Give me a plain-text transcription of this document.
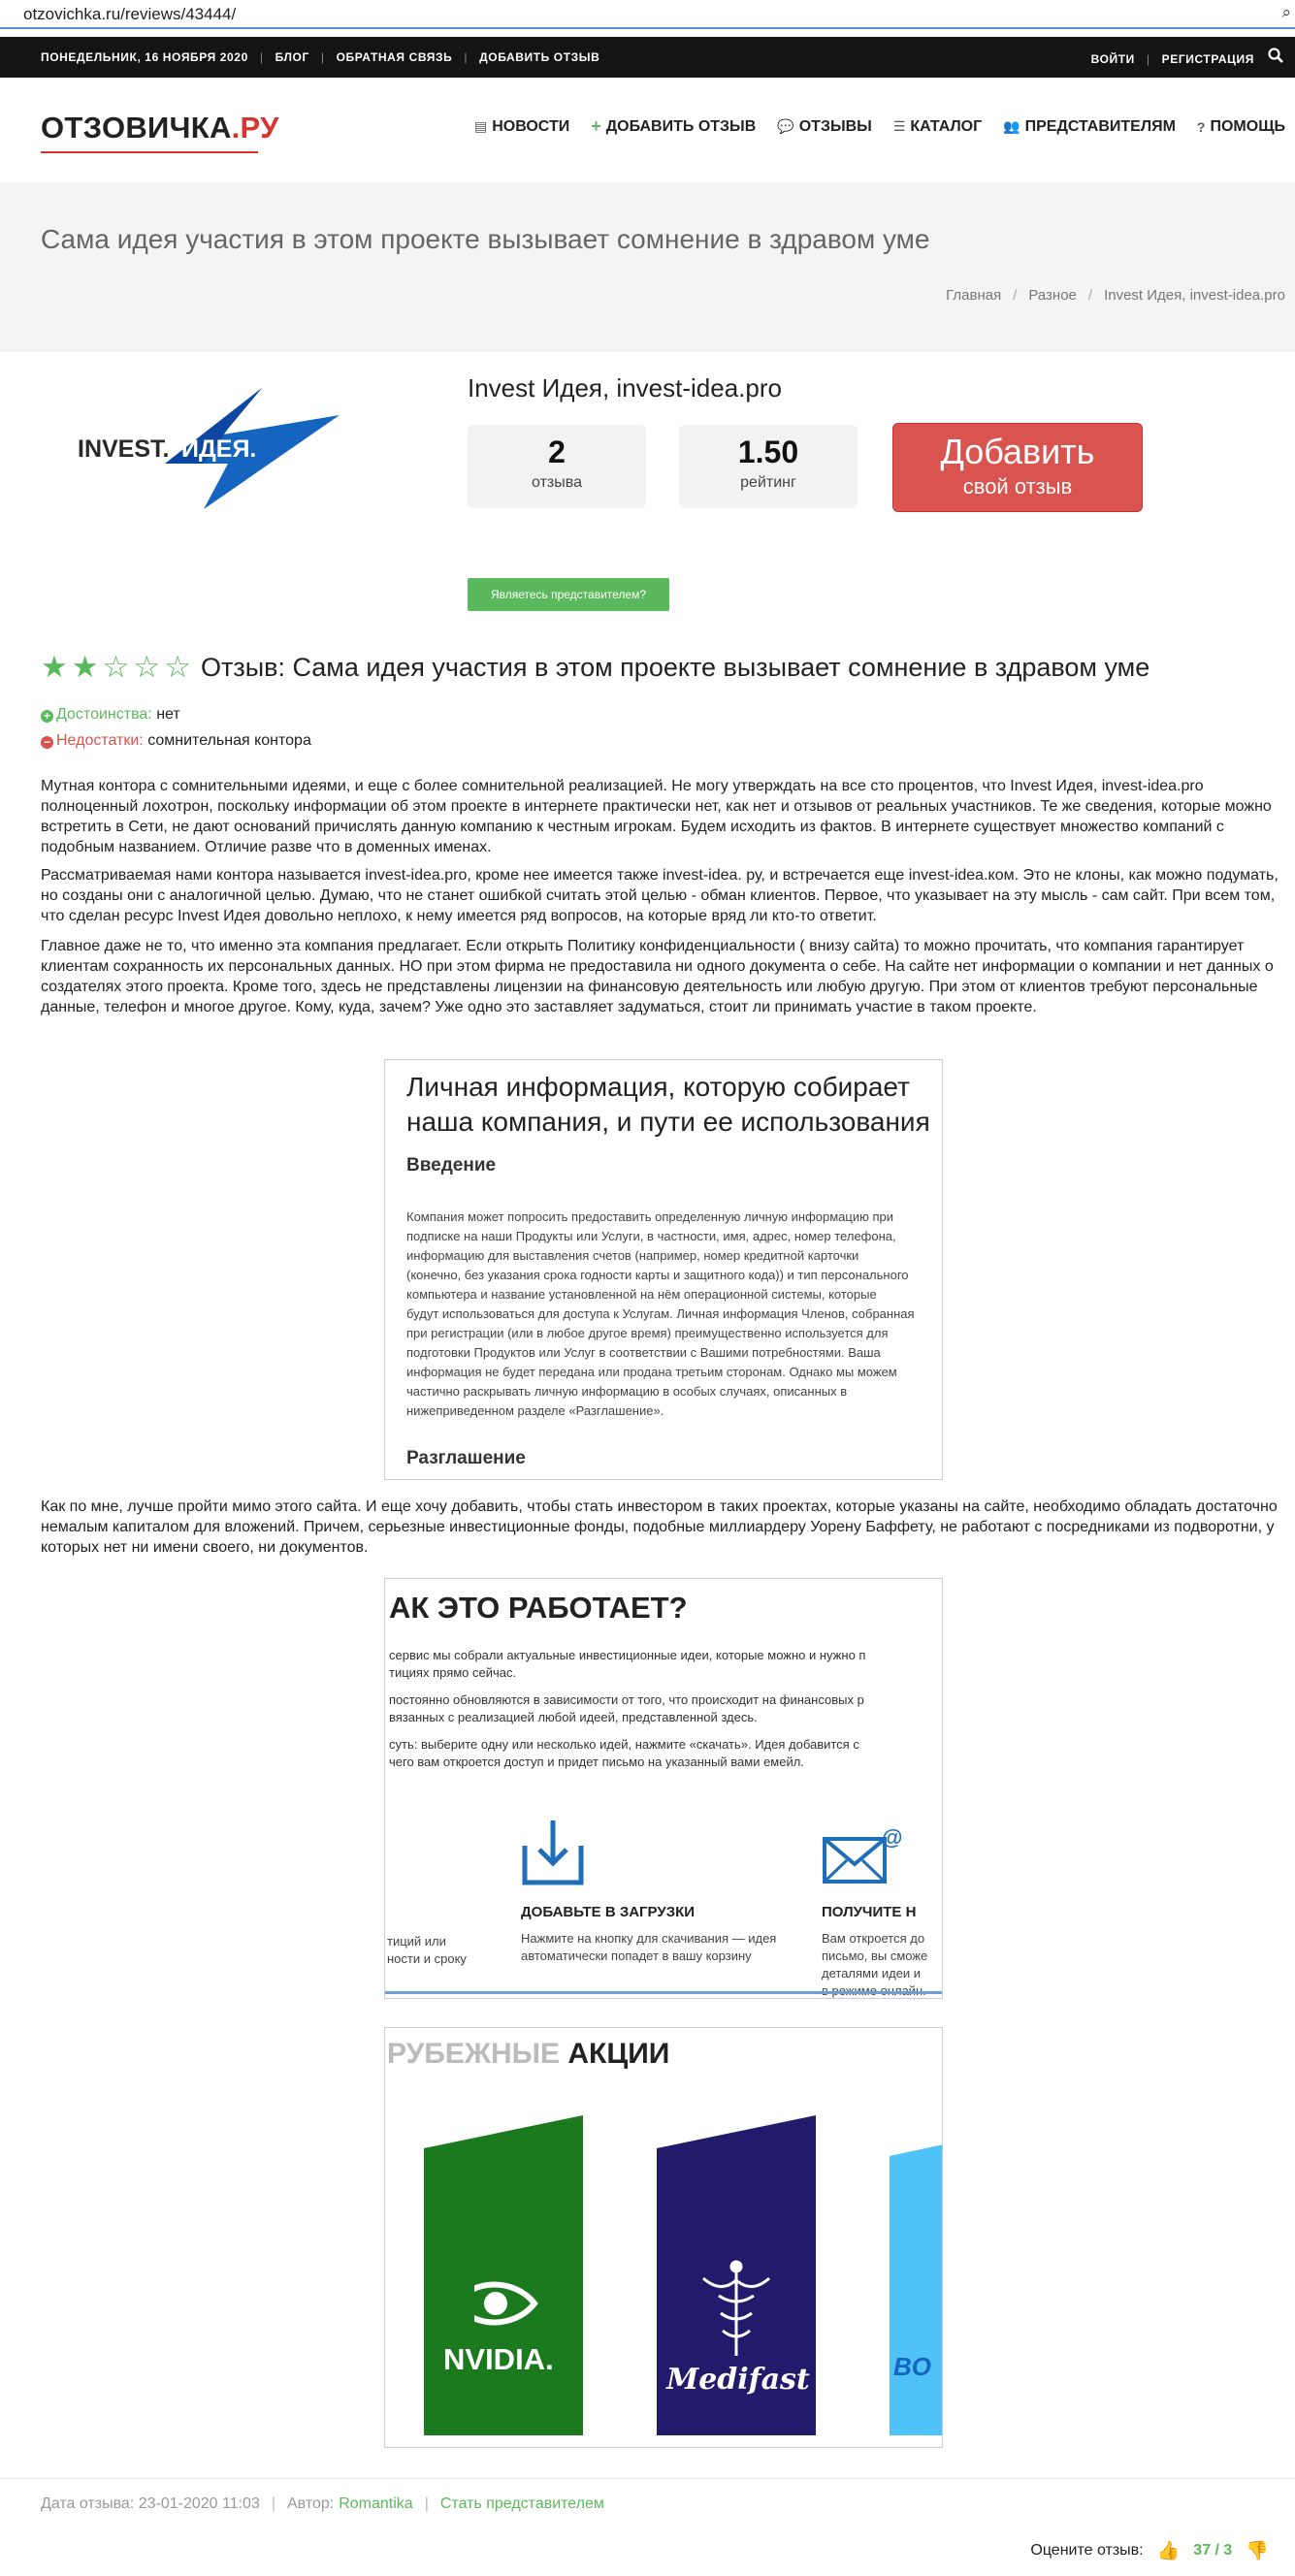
otzovichka.ru/reviews/43444/	⌕
ПОНЕДЕЛЬНИК, 16 НОЯБРЯ 2020 | БЛОГ | ОБРАТНАЯ СВЯЗЬ | ДОБАВИТЬ ОТЗЫВ	ВОЙТИ | РЕГИСТРАЦИЯ
ОТЗОВИЧКА.РУ	▤ НОВОСТИ + ДОБАВИТЬ ОТЗЫВ 💬 ОТЗЫВЫ ☰ КАТАЛОГ 👥 ПРЕДСТАВИТЕЛЯМ ? ПОМОЩЬ
Сама идея участия в этом проекте вызывает сомнение в здравом уме
Главная / Разное / Invest Идея, invest-idea.pro
INVEST. ИДЕЯ.
Invest Идея, invest-idea.pro
2
отзыва
1.50
рейтинг
Добавить
свой отзыв
Являетесь представителем?
★ ★ ☆ ☆ ☆ Отзыв: Сама идея участия в этом проекте вызывает сомнение в здравом уме
+ Достоинства: нет
− Недостатки: сомнительная контора
Мутная контора с сомнительными идеями, и еще с более сомнительной реализацией. Не могу утверждать на все сто процентов, что Invest Идея, invest-idea.pro полноценный лохотрон, поскольку информации об этом проекте в интернете практически нет, как нет и отзывов от реальных участников. Те же сведения, которые можно встретить в Сети, не дают оснований причислять данную компанию к честным игрокам. Будем исходить из фактов. В интернете существует множество компаний с подобным названием. Отличие разве что в доменных именах.
Рассматриваемая нами контора называется invest-idea.pro, кроме нее имеется также invest-idea. ру, и встречается еще invest-idea.ком. Это не клоны, как можно подумать, но созданы они с аналогичной целью. Думаю, что не станет ошибкой считать этой целью - обман клиентов. Первое, что указывает на эту мысль - сам сайт. При всем том, что сделан ресурс Invest Идея довольно неплохо, к нему имеется ряд вопросов, на которые вряд ли кто-то ответит.
Главное даже не то, что именно эта компания предлагает. Если открыть Политику конфиденциальности ( внизу сайта) то можно прочитать, что компания гарантирует клиентам сохранность их персональных данных. НО при этом фирма не предоставила ни одного документа о себе. На сайте нет информации о компании и нет данных о создателях этого проекта. Кроме того, здесь не представлены лицензии на финансовую деятельность или любую другую. При этом от клиентов требуют персональные данные, телефон и многое другое. Кому, куда, зачем? Уже одно это заставляет задуматься, стоит ли принимать участие в таком проекте.
Личная информация, которую собирает наша компания, и пути ее использования
Введение
Компания может попросить предоставить определенную личную информацию при
подписке на наши Продукты или Услуги, в частности, имя, адрес, номер телефона,
информацию для выставления счетов (например, номер кредитной карточки
(конечно, без указания срока годности карты и защитного кода)) и тип персонального
компьютера и название установленной на нём операционной системы, которые
будут использоваться для доступа к Услугам. Личная информация Членов, собранная
при регистрации (или в любое другое время) преимущественно используется для
подготовки Продуктов или Услуг в соответствии с Вашими потребностями. Ваша
информация не будет передана или продана третьим сторонам. Однако мы можем
частично раскрывать личную информацию в особых случаях, описанных в
нижеприведенном разделе «Разглашение».
Разглашение
Как по мне, лучше пройти мимо этого сайта. И еще хочу добавить, чтобы стать инвестором в таких проектах, которые указаны на сайте, необходимо обладать достаточно немалым капиталом для вложений. Причем, серьезные инвестиционные фонды, подобные миллиардеру Уорену Баффету, не работают с посредниками из подворотни, у которых нет ни имени своего, ни документов.
АК ЭТО РАБОТАЕТ?

сервис мы собрали актуальные инвестиционные идеи, которые можно и нужно п
тициях прямо сейчас.

постоянно обновляются в зависимости от того, что происходит на финансовых р
вязанных с реализацией любой идеей, представленной здесь.

суть: выберите одну или несколько идей, нажмите «скачать». Идея добавится с
чего вам откроется доступ и придет письмо на указанный вами емейл.

@
тиций или
ности и сроку
ДОБАВЬТЕ В ЗАГРУЗКИ
Нажмите на кнопку для скачивания — идея
автоматически попадет в вашу корзину
ПОЛУЧИТЕ Н
Вам откроется до
письмо, вы сможе
деталями идеи и

РУБЕЖНЫЕ АКЦИИ
NVIDIA.
Medifast	BO
Дата отзыва: 23-01-2020 11:03 | Автор: Romantika | Стать представителем
Оцените отзыв: 👍 37 / 3 👎
